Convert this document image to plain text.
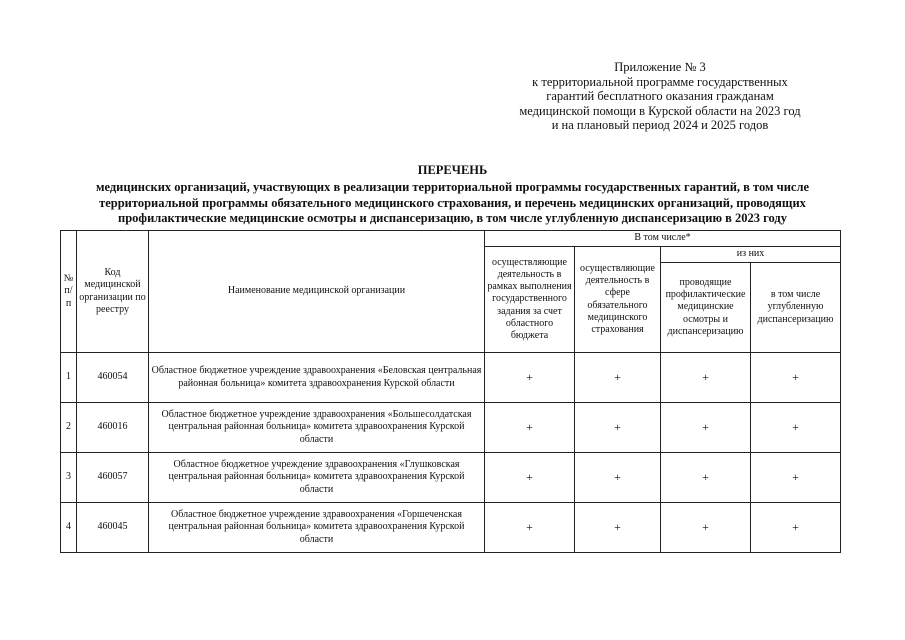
Приложение № 3
к территориальной программе государственных
гарантий бесплатного оказания гражданам
медицинской помощи в Курской области на 2023 год
и на плановый период 2024 и 2025 годов
ПЕРЕЧЕНЬ
медицинских организаций, участвующих в реализации территориальной программы государственных гарантий, в том числе
территориальной программы обязательного медицинского страхования, и перечень медицинских организаций, проводящих
профилактические медицинские осмотры и диспансеризацию, в том числе углубленную диспансеризацию в 2023 году
№ п/п	Код медицинской организации по реестру	Наименование медицинской организации	В том числе*			
			осуществляющие деятельность в рамках выполнения государственного задания за счет областного бюджета	осуществляющие деятельность в сфере обязательного медицинского страхования	из них	
					проводящие профилактические медицинские осмотры и диспансеризацию	в том числе углубленную диспансеризацию
1	460054	Областное бюджетное учреждение здравоохранения «Беловская центральная районная больница» комитета здравоохранения Курской области	+	+	+	+
2	460016	Областное бюджетное учреждение здравоохранения «Большесолдатская центральная районная больница» комитета здравоохранения Курской области	+	+	+	+
3	460057	Областное бюджетное учреждение здравоохранения «Глушковская центральная районная больница» комитета здравоохранения Курской области	+	+	+	+
4	460045	Областное бюджетное учреждение здравоохранения «Горшеченская центральная районная больница» комитета здравоохранения Курской области	+	+	+	+
